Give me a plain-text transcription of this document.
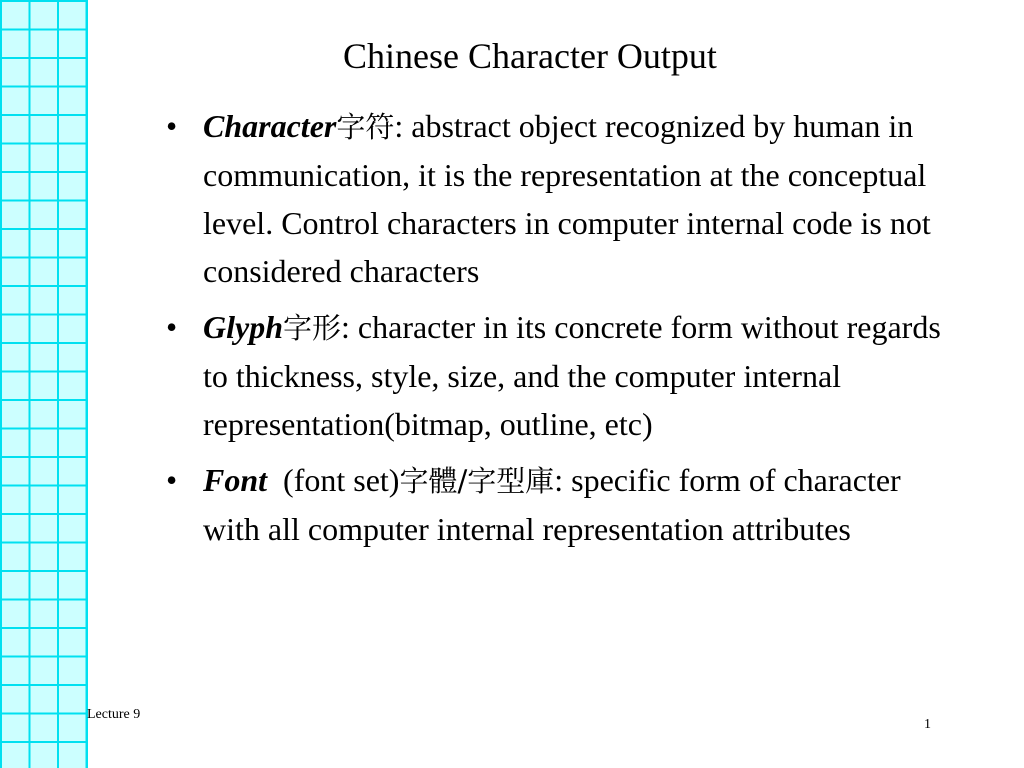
Chinese Character Output
• Character字符: abstract object recognized by human in communication, it is the representation at the conceptual level. Control characters in computer internal code is not considered characters
• Glyph字形: character in its concrete form without regards to thickness, style, size, and the computer internal representation(bitmap, outline, etc)
• Font  (font set)字體/字型庫: specific form of character with all computer internal representation attributes
Lecture 9
1
